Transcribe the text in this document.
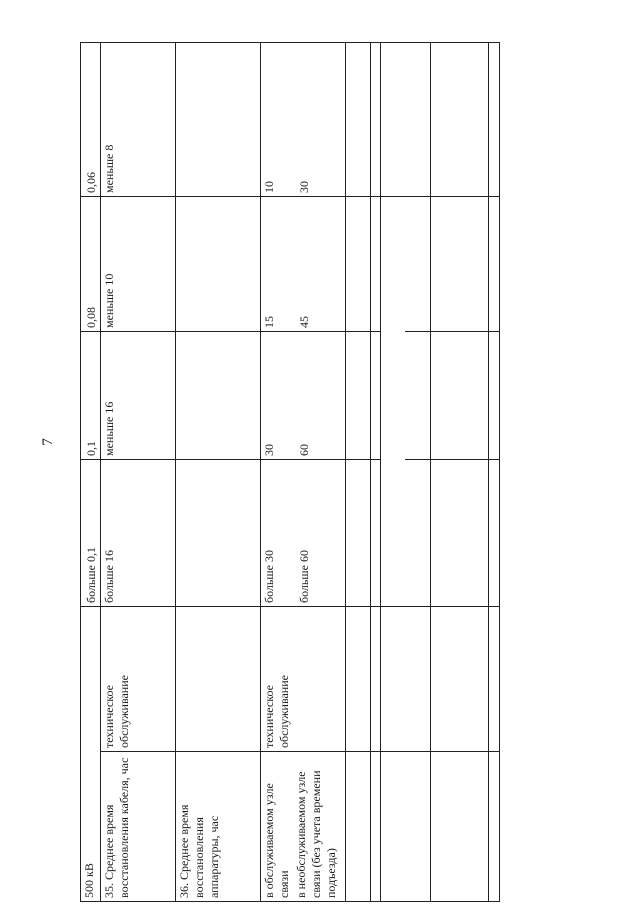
7
500 кВ
больше 0,1
0,1
0,08
0,06
35. Среднее время восстановления кабеля, час
техническое обслуживание
больше 16
меньше 16
меньше 10
меньше 8
36. Среднее время восстановления аппаратуры, час	в обслуживаемом узле связи в необслуживаемом узле связи (без учета времени подъезда)
техническое обслуживание
больше 30 больше 60
30 60
15 45
10 30
